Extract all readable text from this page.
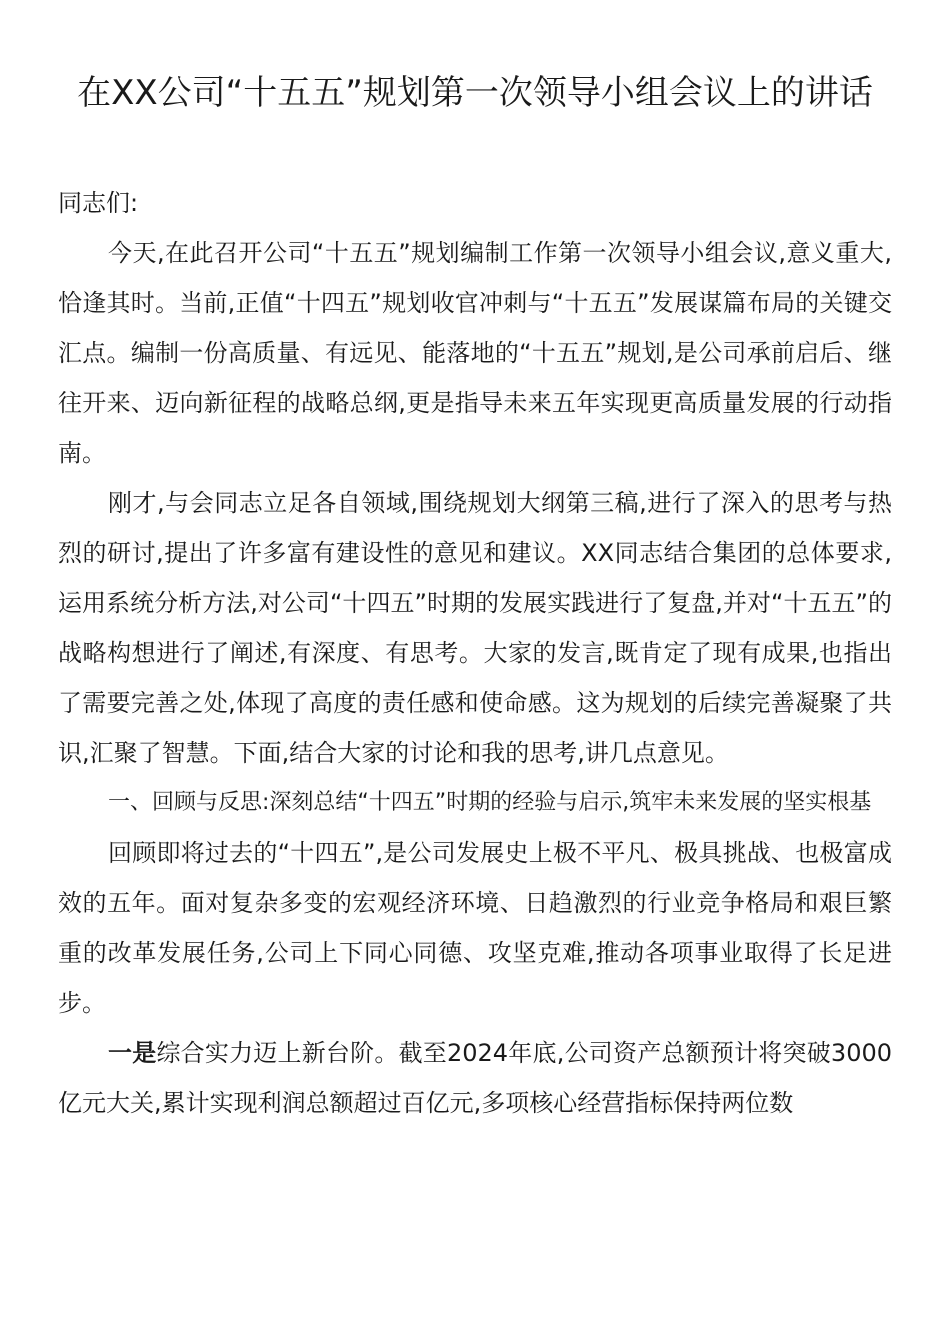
在XX公司“十五五”规划第一次领导小组会议上的讲话

同志们:

今天,在此召开公司“十五五”规划编制工作第一次领导小组会议,意义重大,恰逢其时。当前,正值“十四五”规划收官冲刺与“十五五”发展谋篇布局的关键交汇点。编制一份高质量、有远见、能落地的“十五五”规划,是公司承前启后、继往开来、迈向新征程的战略总纲,更是指导未来五年实现更高质量发展的行动指南。

刚才,与会同志立足各自领域,围绕规划大纲第三稿,进行了深入的思考与热烈的研讨,提出了许多富有建设性的意见和建议。XX同志结合集团的总体要求,运用系统分析方法,对公司“十四五”时期的发展实践进行了复盘,并对“十五五”的战略构想进行了阐述,有深度、有思考。大家的发言,既肯定了现有成果,也指出了需要完善之处,体现了高度的责任感和使命感。这为规划的后续完善凝聚了共识,汇聚了智慧。下面,结合大家的讨论和我的思考,讲几点意见。

一、回顾与反思:深刻总结“十四五”时期的经验与启示,筑牢未来发展的坚实根基

回顾即将过去的“十四五”,是公司发展史上极不平凡、极具挑战、也极富成效的五年。面对复杂多变的宏观经济环境、日趋激烈的行业竞争格局和艰巨繁重的改革发展任务,公司上下同心同德、攻坚克难,推动各项事业取得了长足进步。

一是综合实力迈上新台阶。截至2024年底,公司资产总额预计将突破3000亿元大关,累计实现利润总额超过百亿元,多项核心经营指标保持两位数
